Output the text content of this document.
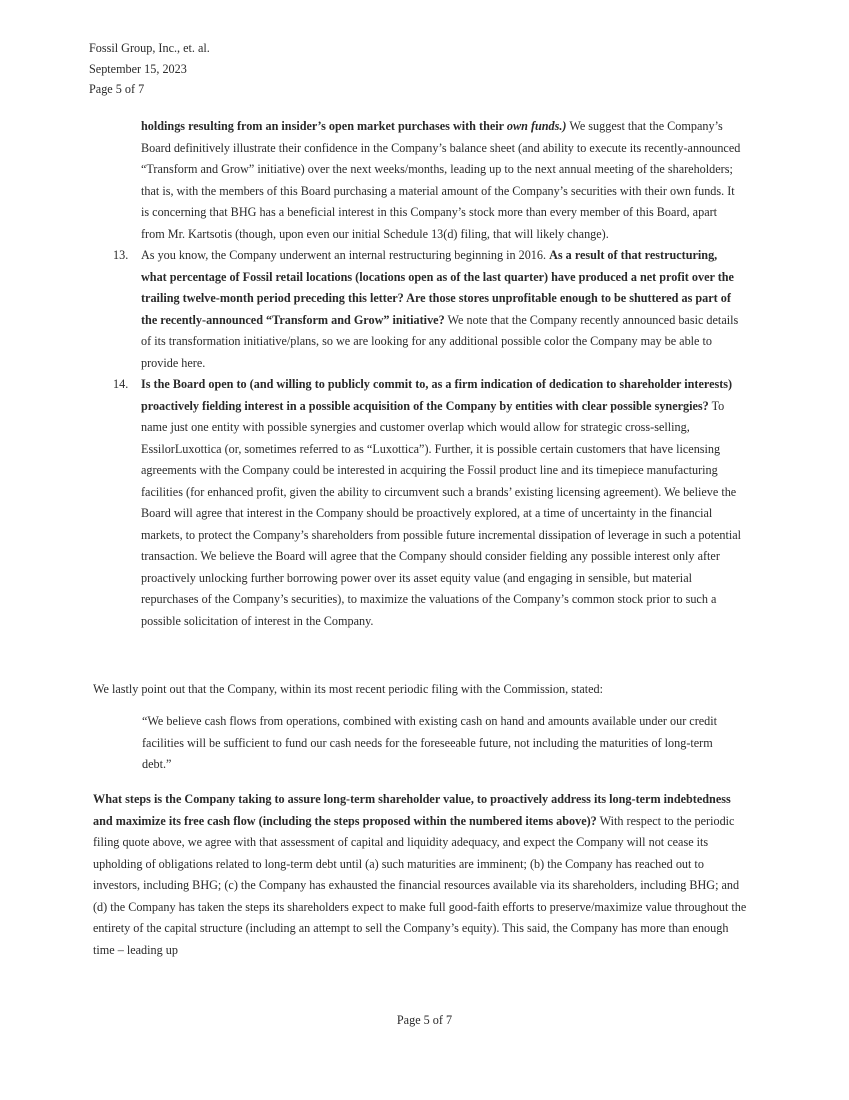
Fossil Group, Inc., et. al.
September 15, 2023
Page 5 of 7

holdings resulting from an insider’s open market purchases with their own funds.) We suggest that the Company’s Board definitively illustrate their confidence in the Company’s balance sheet (and ability to execute its recently-announced “Transform and Grow” initiative) over the next weeks/months, leading up to the next annual meeting of the shareholders; that is, with the members of this Board purchasing a material amount of the Company’s securities with their own funds. It is concerning that BHG has a beneficial interest in this Company’s stock more than every member of this Board, apart from Mr. Kartsotis (though, upon even our initial Schedule 13(d) filing, that will likely change).

13. As you know, the Company underwent an internal restructuring beginning in 2016. As a result of that restructuring, what percentage of Fossil retail locations (locations open as of the last quarter) have produced a net profit over the trailing twelve-month period preceding this letter? Are those stores unprofitable enough to be shuttered as part of the recently-announced “Transform and Grow” initiative? We note that the Company recently announced basic details of its transformation initiative/plans, so we are looking for any additional possible color the Company may be able to provide here.

14. Is the Board open to (and willing to publicly commit to, as a firm indication of dedication to shareholder interests) proactively fielding interest in a possible acquisition of the Company by entities with clear possible synergies? To name just one entity with possible synergies and customer overlap which would allow for strategic cross-selling, EssilorLuxottica (or, sometimes referred to as “Luxottica”). Further, it is possible certain customers that have licensing agreements with the Company could be interested in acquiring the Fossil product line and its timepiece manufacturing facilities (for enhanced profit, given the ability to circumvent such a brands’ existing licensing agreement). We believe the Board will agree that interest in the Company should be proactively explored, at a time of uncertainty in the financial markets, to protect the Company’s shareholders from possible future incremental dissipation of leverage in such a potential transaction. We believe the Board will agree that the Company should consider fielding any possible interest only after proactively unlocking further borrowing power over its asset equity value (and engaging in sensible, but material repurchases of the Company’s securities), to maximize the valuations of the Company’s common stock prior to such a possible solicitation of interest in the Company.

We lastly point out that the Company, within its most recent periodic filing with the Commission, stated:

“We believe cash flows from operations, combined with existing cash on hand and amounts available under our credit facilities will be sufficient to fund our cash needs for the foreseeable future, not including the maturities of long-term debt.”

What steps is the Company taking to assure long-term shareholder value, to proactively address its long-term indebtedness and maximize its free cash flow (including the steps proposed within the numbered items above)? With respect to the periodic filing quote above, we agree with that assessment of capital and liquidity adequacy, and expect the Company will not cease its upholding of obligations related to long-term debt until (a) such maturities are imminent; (b) the Company has reached out to investors, including BHG; (c) the Company has exhausted the financial resources available via its shareholders, including BHG; and (d) the Company has taken the steps its shareholders expect to make full good-faith efforts to preserve/maximize value throughout the entirety of the capital structure (including an attempt to sell the Company’s equity). This said, the Company has more than enough time – leading up

Page 5 of 7
